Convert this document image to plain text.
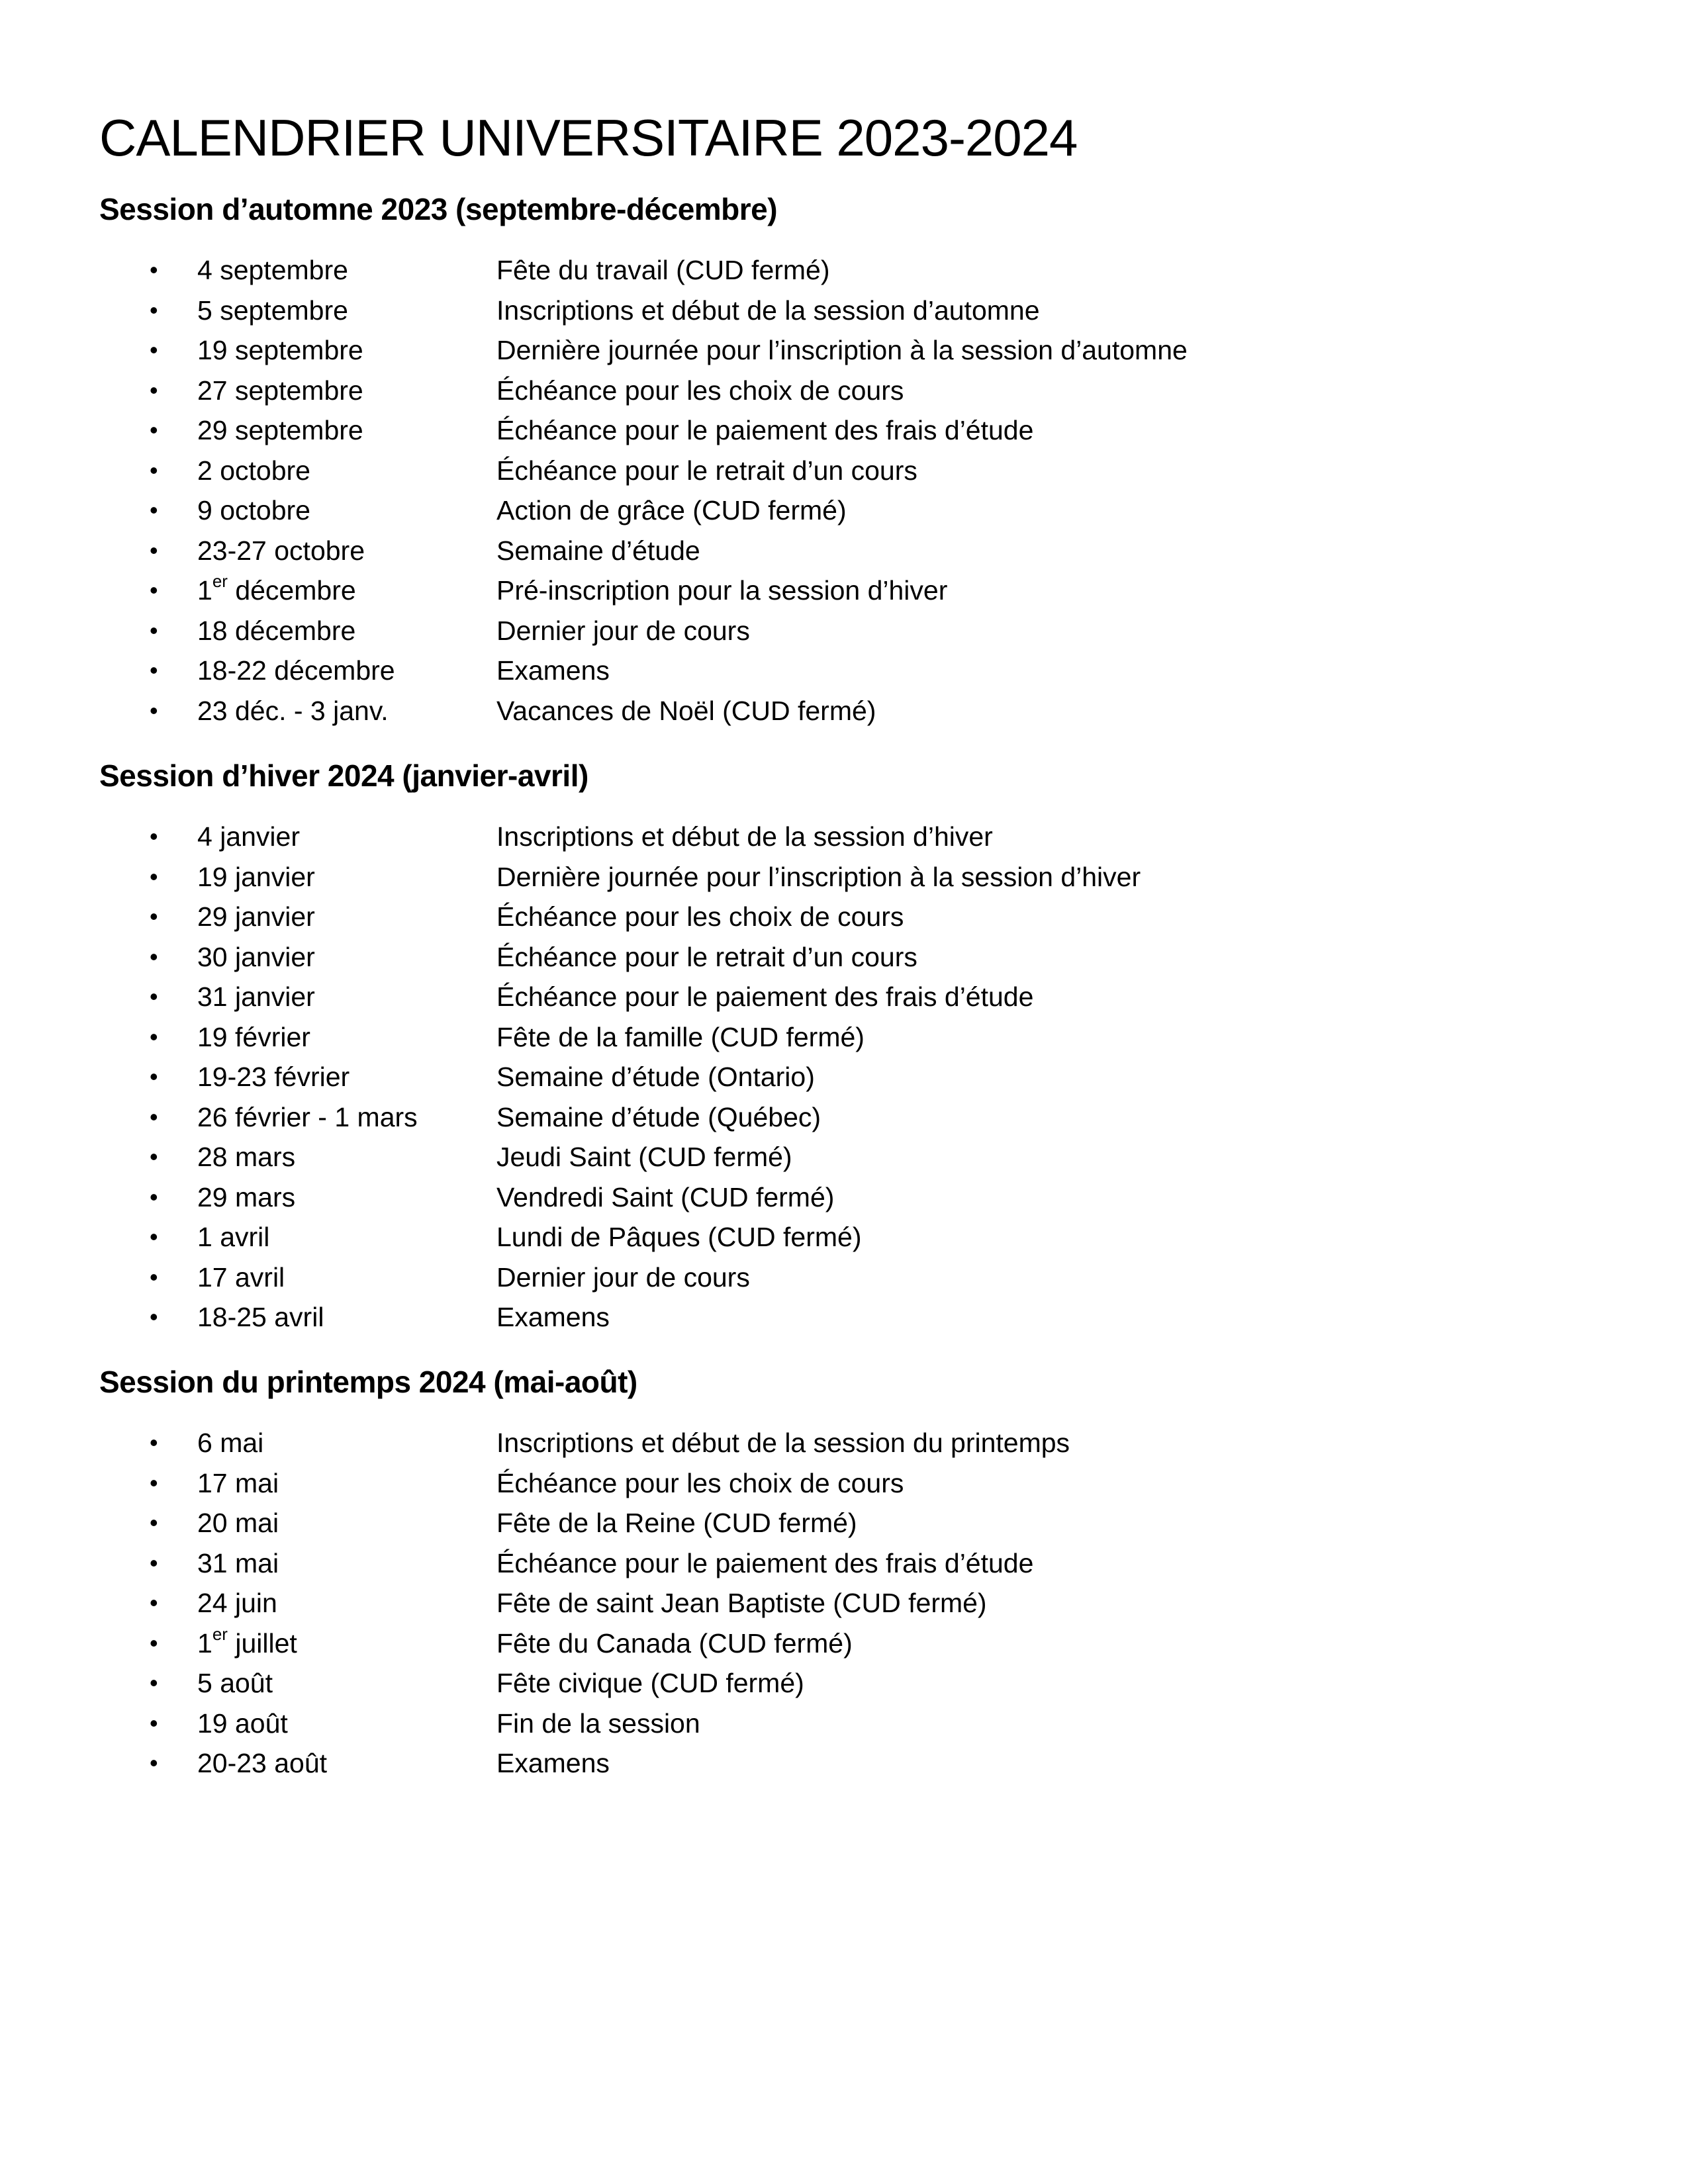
CALENDRIER UNIVERSITAIRE 2023-2024
Session d’automne 2023 (septembre-décembre)
• 4 septembre	Fête du travail (CUD fermé)
• 5 septembre	Inscriptions et début de la session d’automne
• 19 septembre	Dernière journée pour l’inscription à la session d’automne
• 27 septembre	Échéance pour les choix de cours
• 29 septembre	Échéance pour le paiement des frais d’étude
• 2 octobre	Échéance pour le retrait d’un cours
• 9 octobre	Action de grâce (CUD fermé)
• 23-27 octobre	Semaine d’étude
• 1er décembre	Pré-inscription pour la session d’hiver
• 18 décembre	Dernier jour de cours
• 18-22 décembre	Examens
• 23 déc. - 3 janv.	Vacances de Noël (CUD fermé)
Session d’hiver 2024 (janvier-avril)
• 4 janvier	Inscriptions et début de la session d’hiver
• 19 janvier	Dernière journée pour l’inscription à la session d’hiver
• 29 janvier	Échéance pour les choix de cours
• 30 janvier	Échéance pour le retrait d’un cours
• 31 janvier	Échéance pour le paiement des frais d’étude
• 19 février	Fête de la famille (CUD fermé)
• 19-23 février	Semaine d’étude (Ontario)
• 26 février - 1 mars	Semaine d’étude (Québec)
• 28 mars	Jeudi Saint (CUD fermé)
• 29 mars	Vendredi Saint (CUD fermé)
• 1 avril	Lundi de Pâques (CUD fermé)
• 17 avril	Dernier jour de cours
• 18-25 avril	Examens
Session du printemps 2024 (mai-août)
• 6 mai	Inscriptions et début de la session du printemps
• 17 mai	Échéance pour les choix de cours
• 20 mai	Fête de la Reine (CUD fermé)
• 31 mai	Échéance pour le paiement des frais d’étude
• 24 juin	Fête de saint Jean Baptiste (CUD fermé)
• 1er juillet	Fête du Canada (CUD fermé)
• 5 août	Fête civique (CUD fermé)
• 19 août	Fin de la session
• 20-23 août	Examens
